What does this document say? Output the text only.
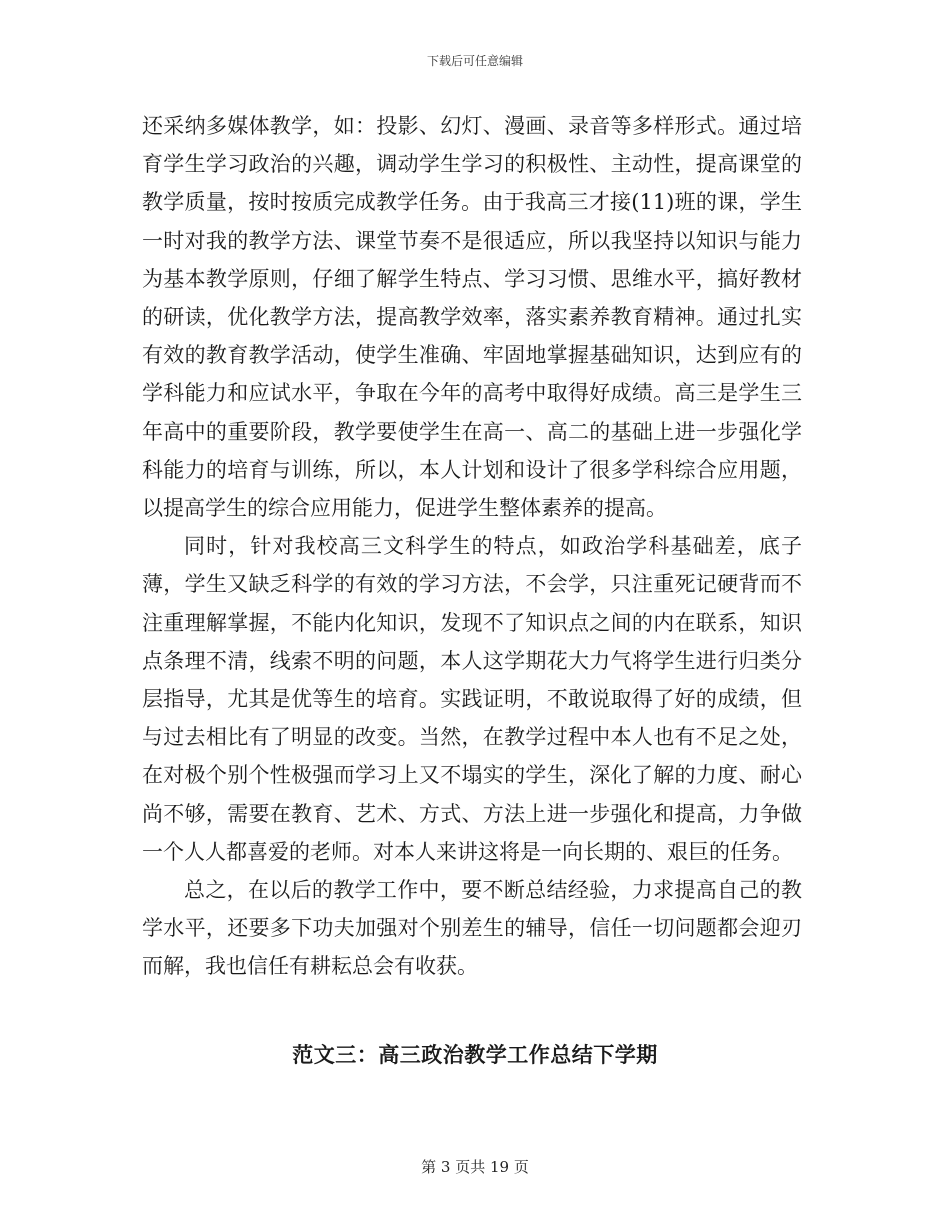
下载后可任意编辑

还采纳多媒体教学，如：投影、幻灯、漫画、录音等多样形式。通过培育学生学习政治的兴趣，调动学生学习的积极性、主动性，提高课堂的教学质量，按时按质完成教学任务。由于我高三才接(11)班的课，学生一时对我的教学方法、课堂节奏不是很适应，所以我坚持以知识与能力为基本教学原则，仔细了解学生特点、学习习惯、思维水平，搞好教材的研读，优化教学方法，提高教学效率，落实素养教育精神。通过扎实有效的教育教学活动，使学生准确、牢固地掌握基础知识，达到应有的学科能力和应试水平，争取在今年的高考中取得好成绩。高三是学生三年高中的重要阶段，教学要使学生在高一、高二的基础上进一步强化学科能力的培育与训练，所以，本人计划和设计了很多学科综合应用题，以提高学生的综合应用能力，促进学生整体素养的提高。

同时，针对我校高三文科学生的特点，如政治学科基础差，底子薄，学生又缺乏科学的有效的学习方法，不会学，只注重死记硬背而不注重理解掌握，不能内化知识，发现不了知识点之间的内在联系，知识点条理不清，线索不明的问题，本人这学期花大力气将学生进行归类分层指导，尤其是优等生的培育。实践证明，不敢说取得了好的成绩，但与过去相比有了明显的改变。当然，在教学过程中本人也有不足之处，在对极个别个性极强而学习上又不塌实的学生，深化了解的力度、耐心尚不够，需要在教育、艺术、方式、方法上进一步强化和提高，力争做一个人人都喜爱的老师。对本人来讲这将是一向长期的、艰巨的任务。

总之，在以后的教学工作中，要不断总结经验，力求提高自己的教学水平，还要多下功夫加强对个别差生的辅导，信任一切问题都会迎刃而解，我也信任有耕耘总会有收获。

范文三：高三政治教学工作总结下学期
第 3 页共 19 页
